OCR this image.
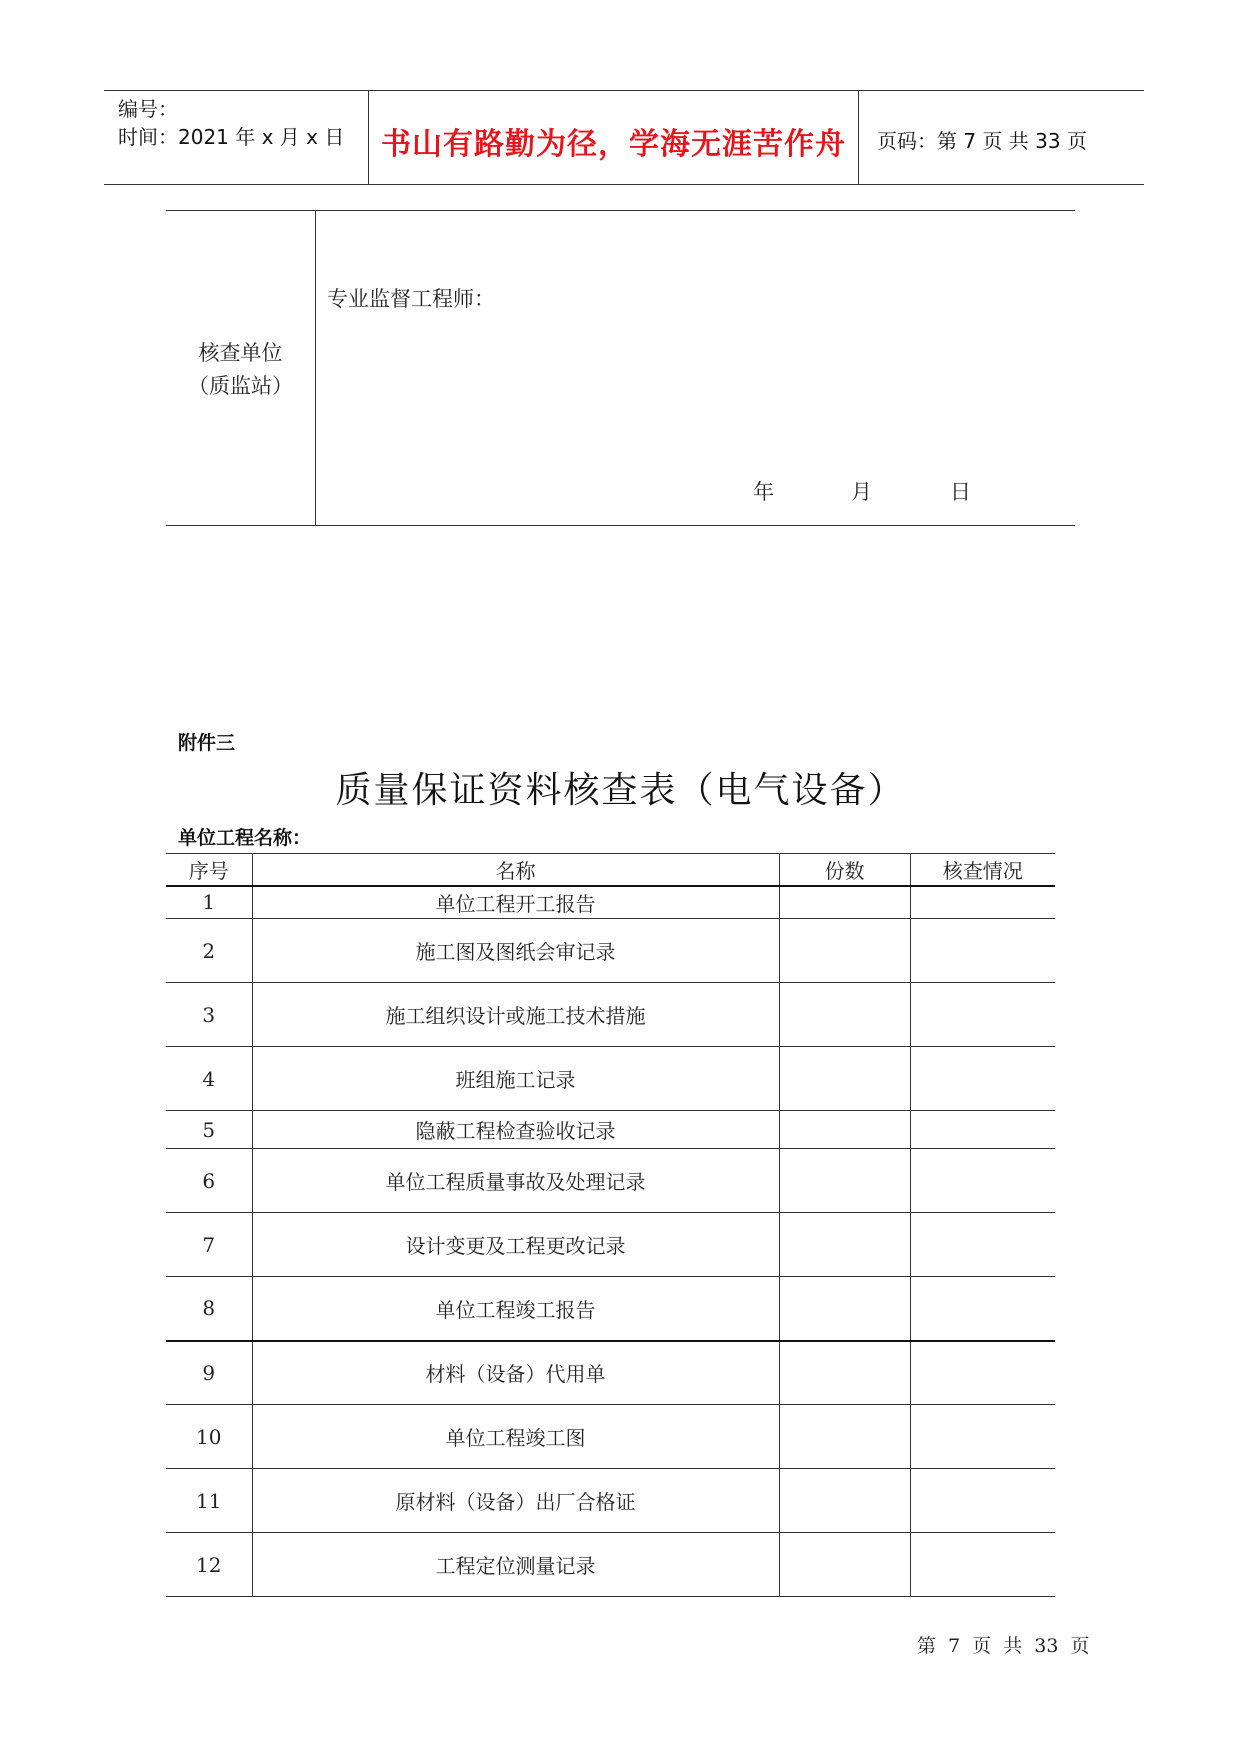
编号：
时间：2021 年 x 月 x 日	书山有路勤为径，学海无涯苦作舟	页码：第 7 页 共 33 页
核查单位
（质监站）
专业监督工程师：
年	月	日
附件三
质量保证资料核查表（电气设备）
单位工程名称：
序号	名称	份数	核查情况
1	单位工程开工报告		
2	施工图及图纸会审记录		
3	施工组织设计或施工技术措施		
4	班组施工记录		
5	隐蔽工程检查验收记录		
6	单位工程质量事故及处理记录		
7	设计变更及工程更改记录		
8	单位工程竣工报告		
9	材料（设备）代用单		
10	单位工程竣工图		
11	原材料（设备）出厂合格证		
12	工程定位测量记录		
第 7 页 共 33 页
